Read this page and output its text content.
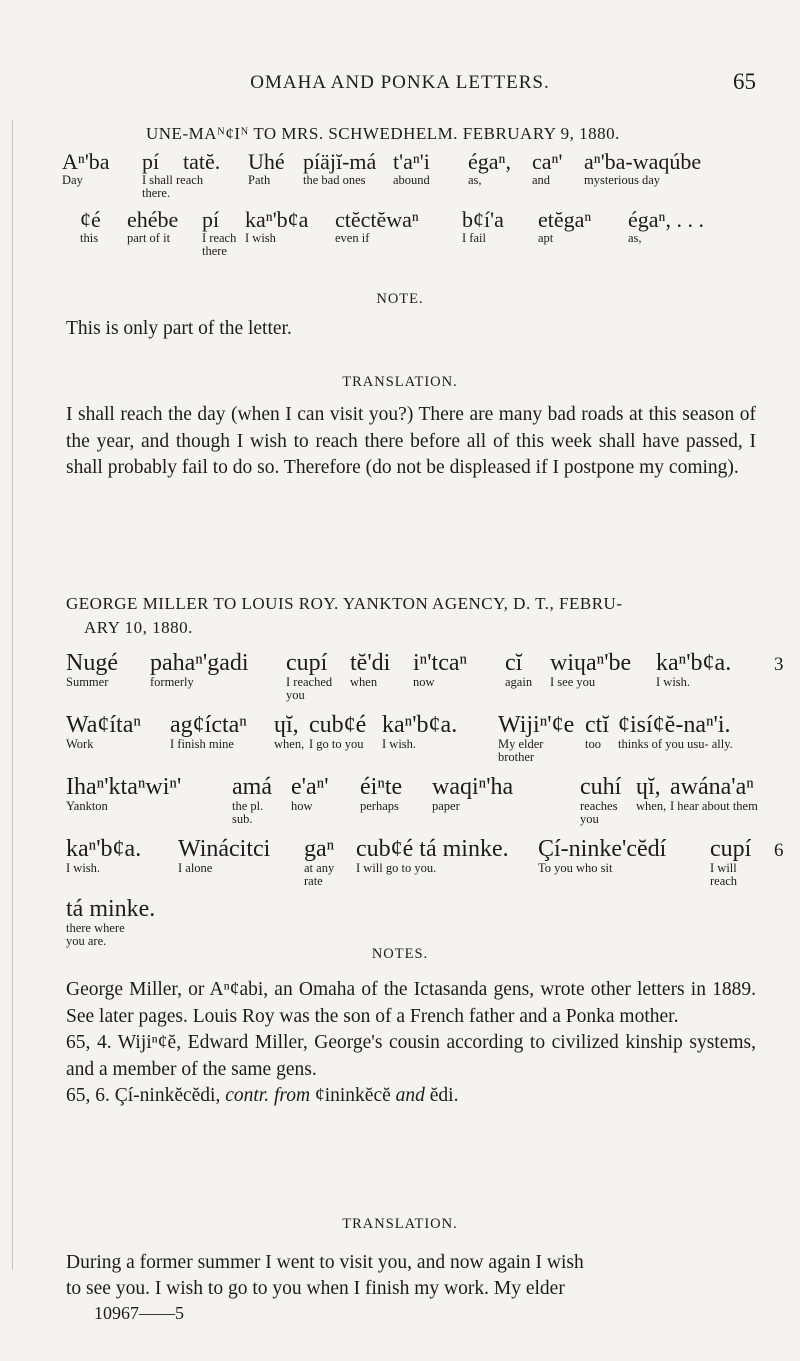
OMAHA AND PONKA LETTERS.	65
UNE-MAᴺȼIᴺ TO MRS. SCHWEDHELM. FEBRUARY 9, 1880.
Aⁿ'ba
Day
pí
I shall reach there.
tatĕ. Uhé
Path
píäjĭ-má
the bad ones
t'aⁿ'i
abound
égaⁿ,
as,
caⁿ'
and
aⁿ'ba-waqúbe
mysterious day
ȼé
this
ehébe
part of it
pí
I reach there
kaⁿ'bȼa
I wish
ctĕctĕwaⁿ
even if
bȼí'a
I fail
etĕgaⁿ
apt
égaⁿ, . . .
as,
NOTE.
This is only part of the letter.
TRANSLATION.

I shall reach the day (when I can visit you?) There are many bad roads at this season of the year, and though I wish to reach there before all of this week shall have passed, I shall probably fail to do so. Therefore (do not be displeased if I postpone my coming).

GEORGE MILLER TO LOUIS ROY. YANKTON AGENCY, D. T., FEBRU-
ARY 10, 1880.
Nugé
Summer
pahaⁿ'gadi
formerly
cupí
I reached you
tĕ'di
when
iⁿ'tcaⁿ
now
cĭ
again
wiɥaⁿ'be
I see you
kaⁿ'bȼa.
I wish.
3
Waȼítaⁿ
Work
agȼíctaⁿ
I finish mine
ɥĭ,
when,
cubȼé
I go to you
kaⁿ'bȼa.
I wish.
Wijiⁿ'ȼe
My elder brother
ctĭ
too
ȼisíȼĕ-naⁿ'i.
thinks of you usu- ally.
Ihaⁿ'ktaⁿwiⁿ'
Yankton
amá
the pl. sub.
e'aⁿ'
how
éiⁿte
perhaps
waqiⁿ'ha
paper
cuhí
reaches you
ɥĭ,
when,
awána'aⁿ
I hear about them
kaⁿ'bȼa.
I wish.
Winácitci
I alone
gaⁿ
at any rate
cubȼé tá minke.
I will go to you.
Çí-ninke'cĕdí
To you who sit
cupí
I will reach
6
tá minke.
there where you are.
NOTES.

George Miller, or Aⁿȼabi, an Omaha of the Ictasanda gens, wrote other letters in 1889. See later pages. Louis Roy was the son of a French father and a Ponka mother.

65, 4. Wijiⁿȼĕ, Edward Miller, George's cousin according to civilized kinship systems, and a member of the same gens.

65, 6. Çí-ninkĕcĕdi, contr. from ȼininkĕcĕ and ĕdi.

TRANSLATION.
During a former summer I went to visit you, and now again I wish
to see you. I wish to go to you when I finish my work. My elder
10967——5
